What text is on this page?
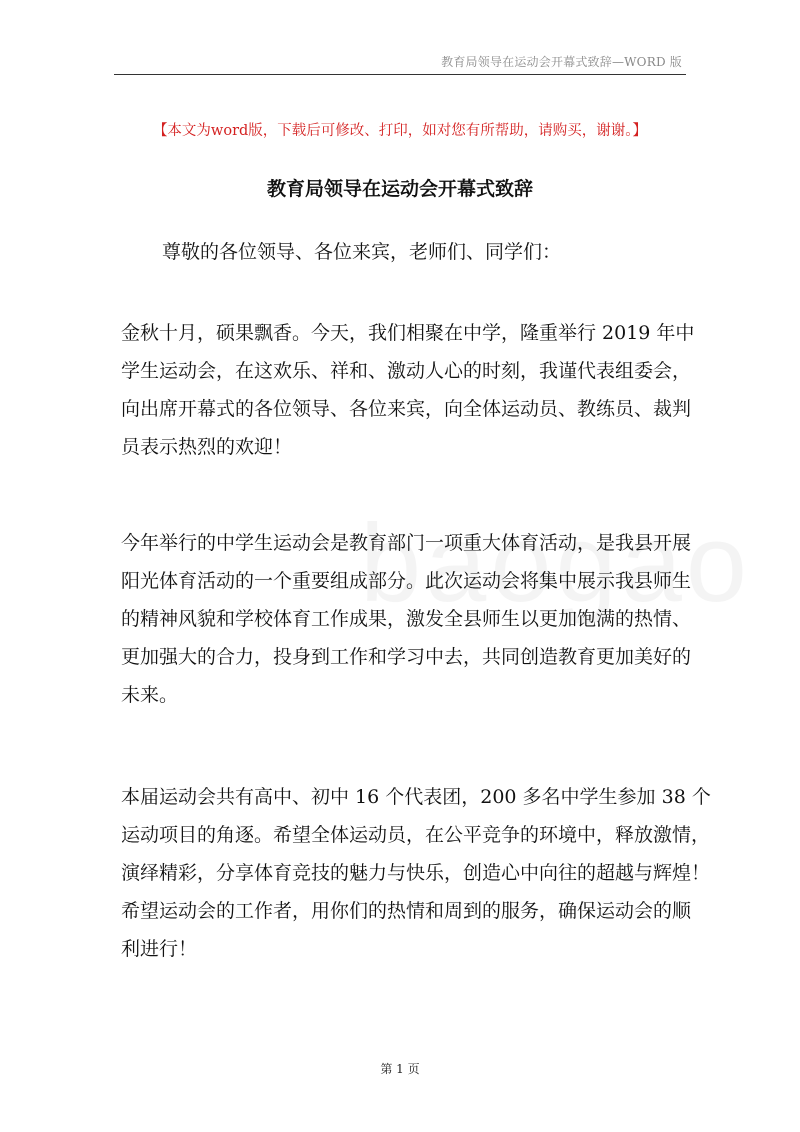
教育局领导在运动会开幕式致辞—WORD 版
【本文为word版，下载后可修改、打印，如对您有所帮助，请购买，谢谢。】
教育局领导在运动会开幕式致辞
尊敬的各位领导、各位来宾，老师们、同学们：
金秋十月，硕果飘香。今天，我们相聚在中学，隆重举行 2019 年中
学生运动会，在这欢乐、祥和、激动人心的时刻，我谨代表组委会，
向出席开幕式的各位领导、各位来宾，向全体运动员、教练员、裁判
员表示热烈的欢迎！
今年举行的中学生运动会是教育部门一项重大体育活动，是我县开展
阳光体育活动的一个重要组成部分。此次运动会将集中展示我县师生
的精神风貌和学校体育工作成果，激发全县师生以更加饱满的热情、
更加强大的合力，投身到工作和学习中去，共同创造教育更加美好的
未来。
本届运动会共有高中、初中 16 个代表团，200 多名中学生参加 38 个
运动项目的角逐。希望全体运动员，在公平竞争的环境中，释放激情，
演绎精彩，分享体育竞技的魅力与快乐，创造心中向往的超越与辉煌！
希望运动会的工作者，用你们的热情和周到的服务，确保运动会的顺
利进行！
第 1 页
